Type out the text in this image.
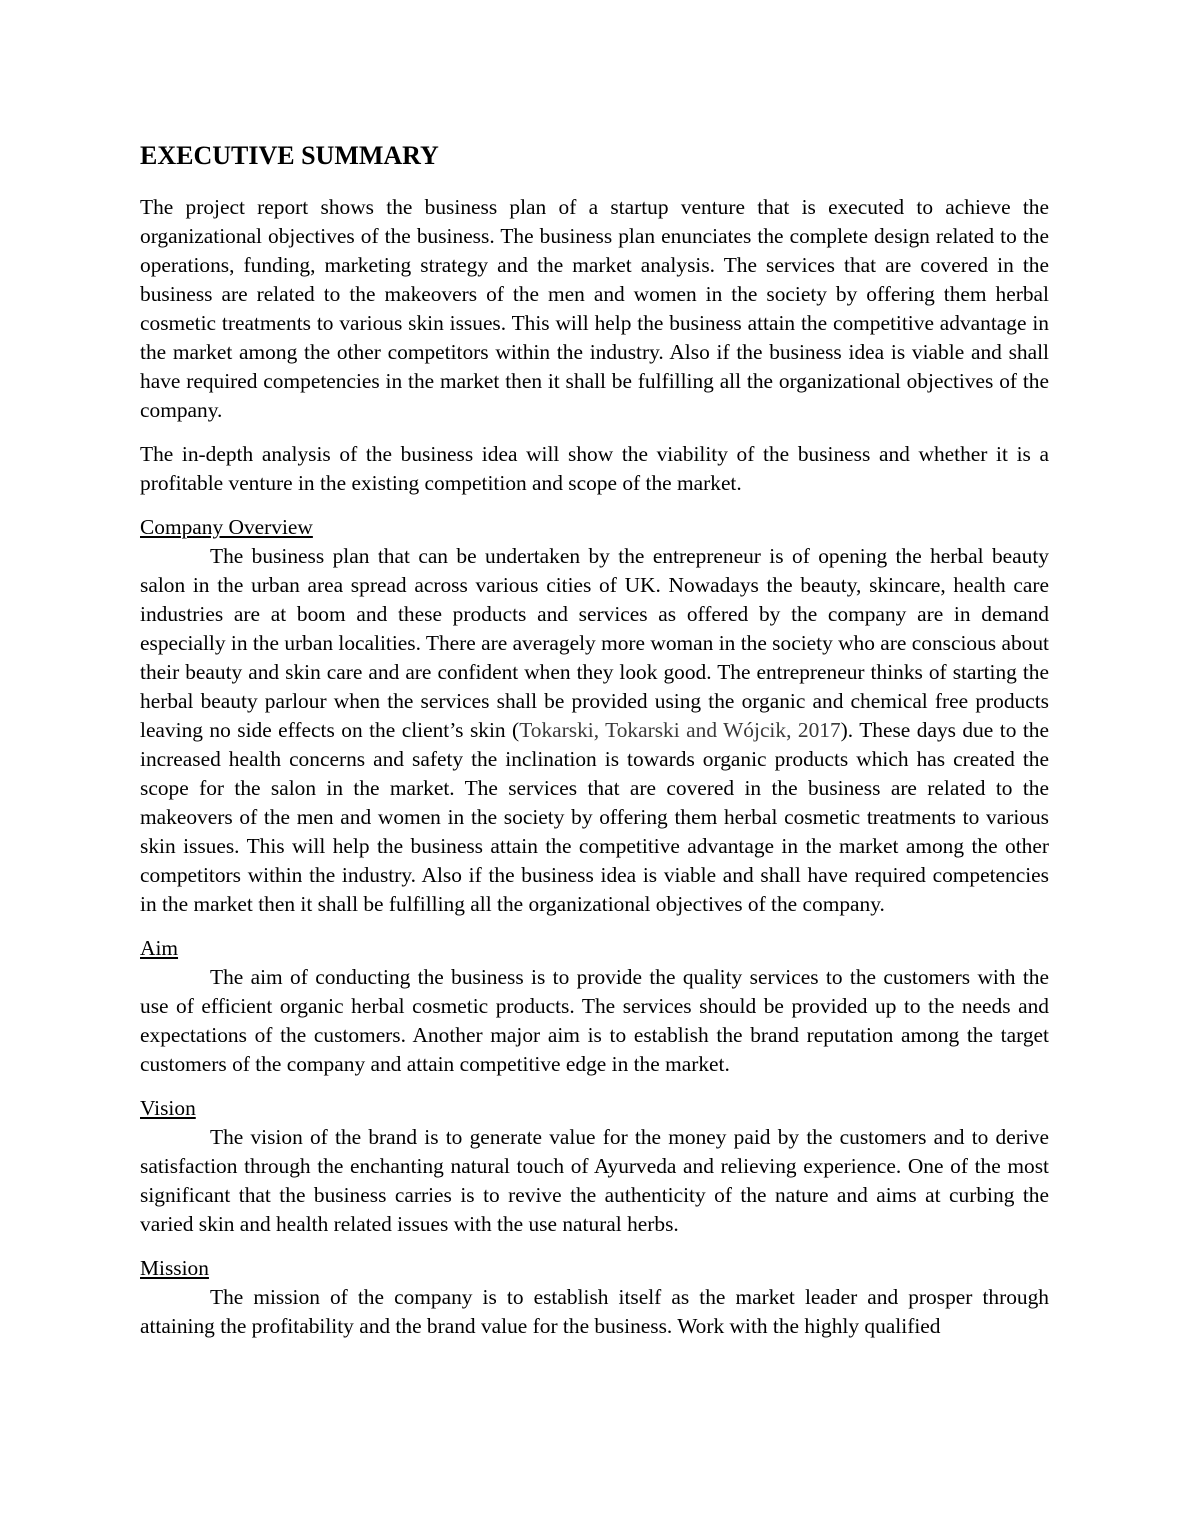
EXECUTIVE SUMMARY

The project report shows the business plan of a startup venture that is executed to achieve the organizational objectives of the business. The business plan enunciates the complete design related to the operations, funding, marketing strategy and the market analysis. The services that are covered in the business are related to the makeovers of the men and women in the society by offering them herbal cosmetic treatments to various skin issues. This will help the business attain the competitive advantage in the market among the other competitors within the industry. Also if the business idea is viable and shall have required competencies in the market then it shall be fulfilling all the organizational objectives of the company.

The in-depth analysis of the business idea will show the viability of the business and whether it is a profitable venture in the existing competition and scope of the market.

Company Overview

The business plan that can be undertaken by the entrepreneur is of opening the herbal beauty salon in the urban area spread across various cities of UK. Nowadays the beauty, skincare, health care industries are at boom and these products and services as offered by the company are in demand especially in the urban localities. There are averagely more woman in the society who are conscious about their beauty and skin care and are confident when they look good. The entrepreneur thinks of starting the herbal beauty parlour when the services shall be provided using the organic and chemical free products leaving no side effects on the client’s skin (Tokarski, Tokarski and Wójcik, 2017). These days due to the increased health concerns and safety the inclination is towards organic products which has created the scope for the salon in the market. The services that are covered in the business are related to the makeovers of the men and women in the society by offering them herbal cosmetic treatments to various skin issues. This will help the business attain the competitive advantage in the market among the other competitors within the industry. Also if the business idea is viable and shall have required competencies in the market then it shall be fulfilling all the organizational objectives of the company.

Aim

The aim of conducting the business is to provide the quality services to the customers with the use of efficient organic herbal cosmetic products. The services should be provided up to the needs and expectations of the customers. Another major aim is to establish the brand reputation among the target customers of the company and attain competitive edge in the market.

Vision

The vision of the brand is to generate value for the money paid by the customers and to derive satisfaction through the enchanting natural touch of Ayurveda and relieving experience. One of the most significant that the business carries is to revive the authenticity of the nature and aims at curbing the varied skin and health related issues with the use natural herbs.

Mission

The mission of the company is to establish itself as the market leader and prosper through attaining the profitability and the brand value for the business. Work with the highly qualified
